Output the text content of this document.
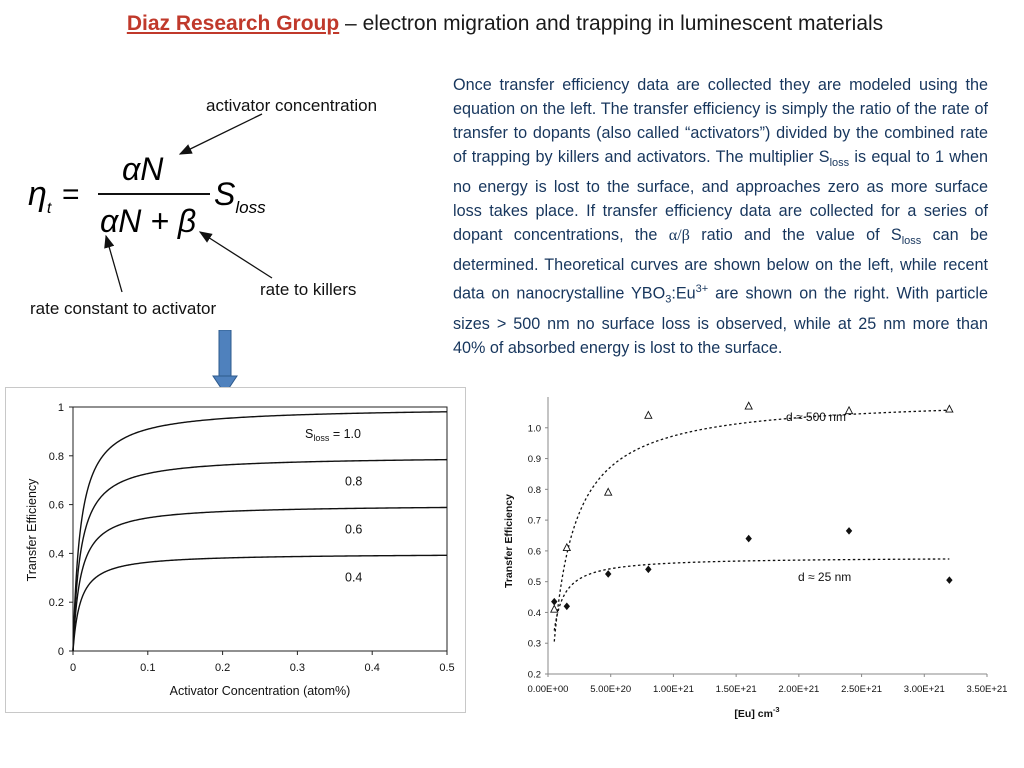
Diaz Research Group – electron migration and trapping in luminescent materials
$\eta_t$ =
αN
αN + β
$S_{loss}$
activator concentration
rate to killers
rate constant to activator
Once transfer efficiency data are collected they are modeled using the equation on the left. The transfer efficiency is simply the ratio of the rate of transfer to dopants (also called “activators”) divided by the combined rate of trapping by killers and activators. The multiplier $S_{loss}$ is equal to 1 when no energy is lost to the surface, and approaches zero as more surface loss takes place. If transfer efficiency data are collected for a series of dopant concentrations, the α/β ratio and the value of $S_{loss}$ can be determined. Theoretical curves are shown below on the left, while recent data on nanocrystalline $YBO_3:Eu^{3+}$ are shown on the right. With particle sizes > 500 nm no surface loss is observed, while at 25 nm more than 40% of absorbed energy is lost to the surface.
0
0.2
0.4
0.6
0.8
1
0	0.1	0.2	0.3	0.4	0.5
$S_{loss} = 1.0$
0.8
0.6
0.4
Transfer Efficiency
Activator Concentration (atom%)
0.2
0.3
0.4
0.5
0.6
0.7
0.8
0.9
1.0
0.00E+00 5.00E+20 1.00E+21 1.50E+21 2.00E+21 2.50E+21 3.00E+21 3.50E+21
d ≈ 500 nm
d ≈ 25 nm
Transfer Efficiency
[Eu] $cm^{-3}$
